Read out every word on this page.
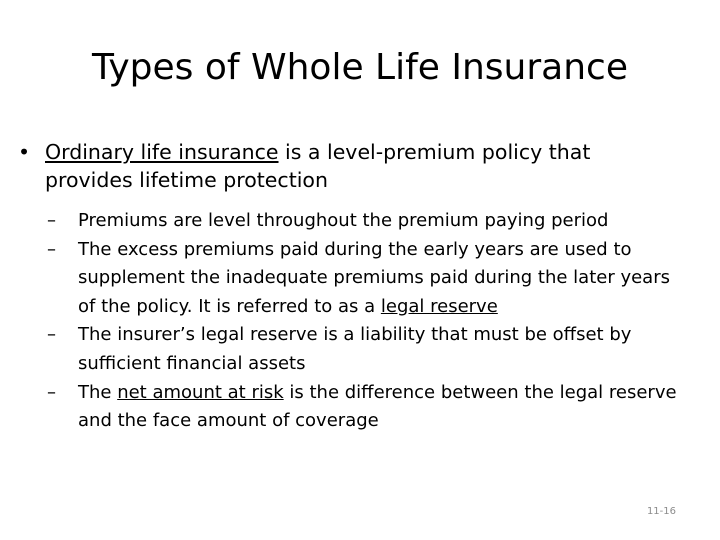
Types of Whole Life Insurance
• Ordinary life insurance is a level-premium policy that provides lifetime protection
–	Premiums are level throughout the premium paying period
–	The excess premiums paid during the early years are used to supplement the inadequate premiums paid during the later years of the policy. It is referred to as a legal reserve
–	The insurer’s legal reserve is a liability that must be offset by sufficient financial assets
–	The net amount at risk is the difference between the legal reserve and the face amount of coverage
11-16
